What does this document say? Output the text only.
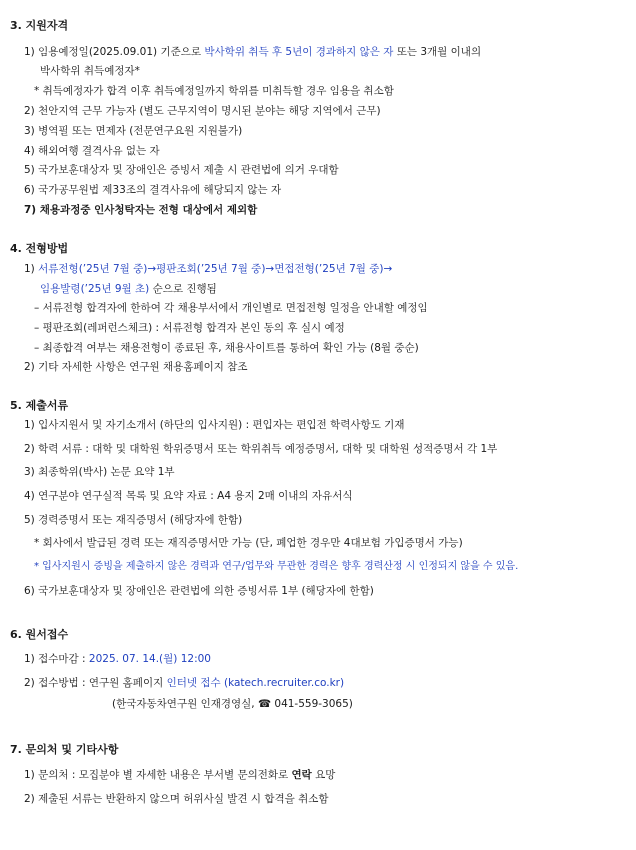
3. 지원자격
1) 임용예정일(2025.09.01) 기준으로 박사학위 취득 후 5년이 경과하지 않은 자 또는 3개월 이내의
박사학위 취득예정자*
* 취득예정자가 합격 이후 취득예정일까지 학위를 미취득할 경우 임용을 취소함
2) 천안지역 근무 가능자 (별도 근무지역이 명시된 분야는 해당 지역에서 근무)
3) 병역필 또는 면제자 (전문연구요원 지원불가)
4) 해외여행 결격사유 없는 자
5) 국가보훈대상자 및 장애인은 증빙서 제출 시 관련법에 의거 우대함
6) 국가공무원법 제33조의 결격사유에 해당되지 않는 자
7) 채용과정중 인사청탁자는 전형 대상에서 제외함
4. 전형방법
1) 서류전형(’25년 7월 중)→평판조회(’25년 7월 중)→면접전형(’25년 7월 중)→
임용발령(’25년 9월 초) 순으로 진행됨
– 서류전형 합격자에 한하여 각 채용부서에서 개인별로 면접전형 일정을 안내할 예정임
– 평판조회(레퍼런스체크) : 서류전형 합격자 본인 동의 후 실시 예정
– 최종합격 여부는 채용전형이 종료된 후, 채용사이트를 통하여 확인 가능 (8월 중순)
2) 기타 자세한 사항은 연구원 채용홈페이지 참조
5. 제출서류
1) 입사지원서 및 자기소개서 (하단의 입사지원) : 편입자는 편입전 학력사항도 기재
2) 학력 서류 : 대학 및 대학원 학위증명서 또는 학위취득 예정증명서, 대학 및 대학원 성적증명서 각 1부
3) 최종학위(박사) 논문 요약 1부
4) 연구분야 연구실적 목록 및 요약 자료 : A4 용지 2매 이내의 자유서식
5) 경력증명서 또는 재직증명서 (해당자에 한함)
* 회사에서 발급된 경력 또는 재직증명서만 가능 (단, 폐업한 경우만 4대보험 가입증명서 가능)
* 입사지원시 증빙을 제출하지 않은 경력과 연구/업무와 무관한 경력은 향후 경력산정 시 인정되지 않을 수 있음.
6) 국가보훈대상자 및 장애인은 관련법에 의한 증빙서류 1부 (해당자에 한함)
6. 원서접수
1) 접수마감 : 2025. 07. 14.(월) 12:00
2) 접수방법 : 연구원 홈페이지 인터넷 접수 (katech.recruiter.co.kr)
(한국자동차연구원 인재경영실, ☎ 041-559-3065)
7. 문의처 및 기타사항
1) 문의처 : 모집분야 별 자세한 내용은 부서별 문의전화로 연락 요망
2) 제출된 서류는 반환하지 않으며 허위사실 발견 시 합격을 취소함
